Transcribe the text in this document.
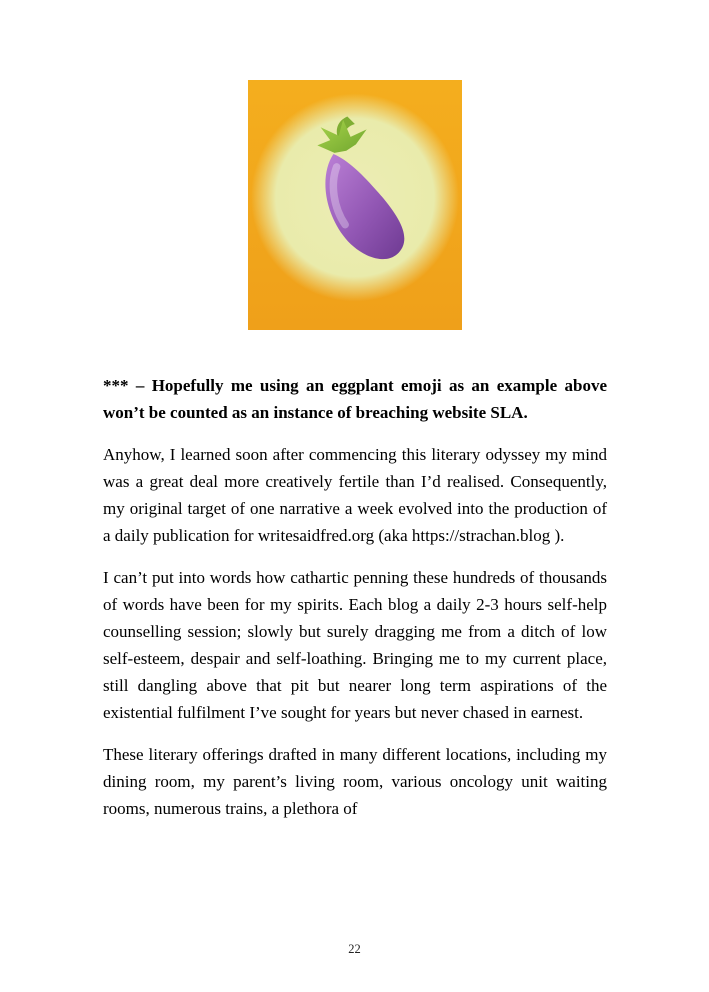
*** – Hopefully me using an eggplant emoji as an example above won’t be counted as an instance of breaching website SLA.

Anyhow, I learned soon after commencing this literary odyssey my mind was a great deal more creatively fertile than I’d realised. Consequently, my original target of one narrative a week evolved into the production of a daily publication for writesaidfred.org (aka https://strachan.blog ).

I can’t put into words how cathartic penning these hundreds of thousands of words have been for my spirits. Each blog a daily 2-3 hours self-help counselling session; slowly but surely dragging me from a ditch of low self-esteem, despair and self-loathing. Bringing me to my current place, still dangling above that pit but nearer long term aspirations of the existential fulfilment I’ve sought for years but never chased in earnest.

These literary offerings drafted in many different locations, including my dining room, my parent’s living room, various oncology unit waiting rooms, numerous trains, a plethora of

22
